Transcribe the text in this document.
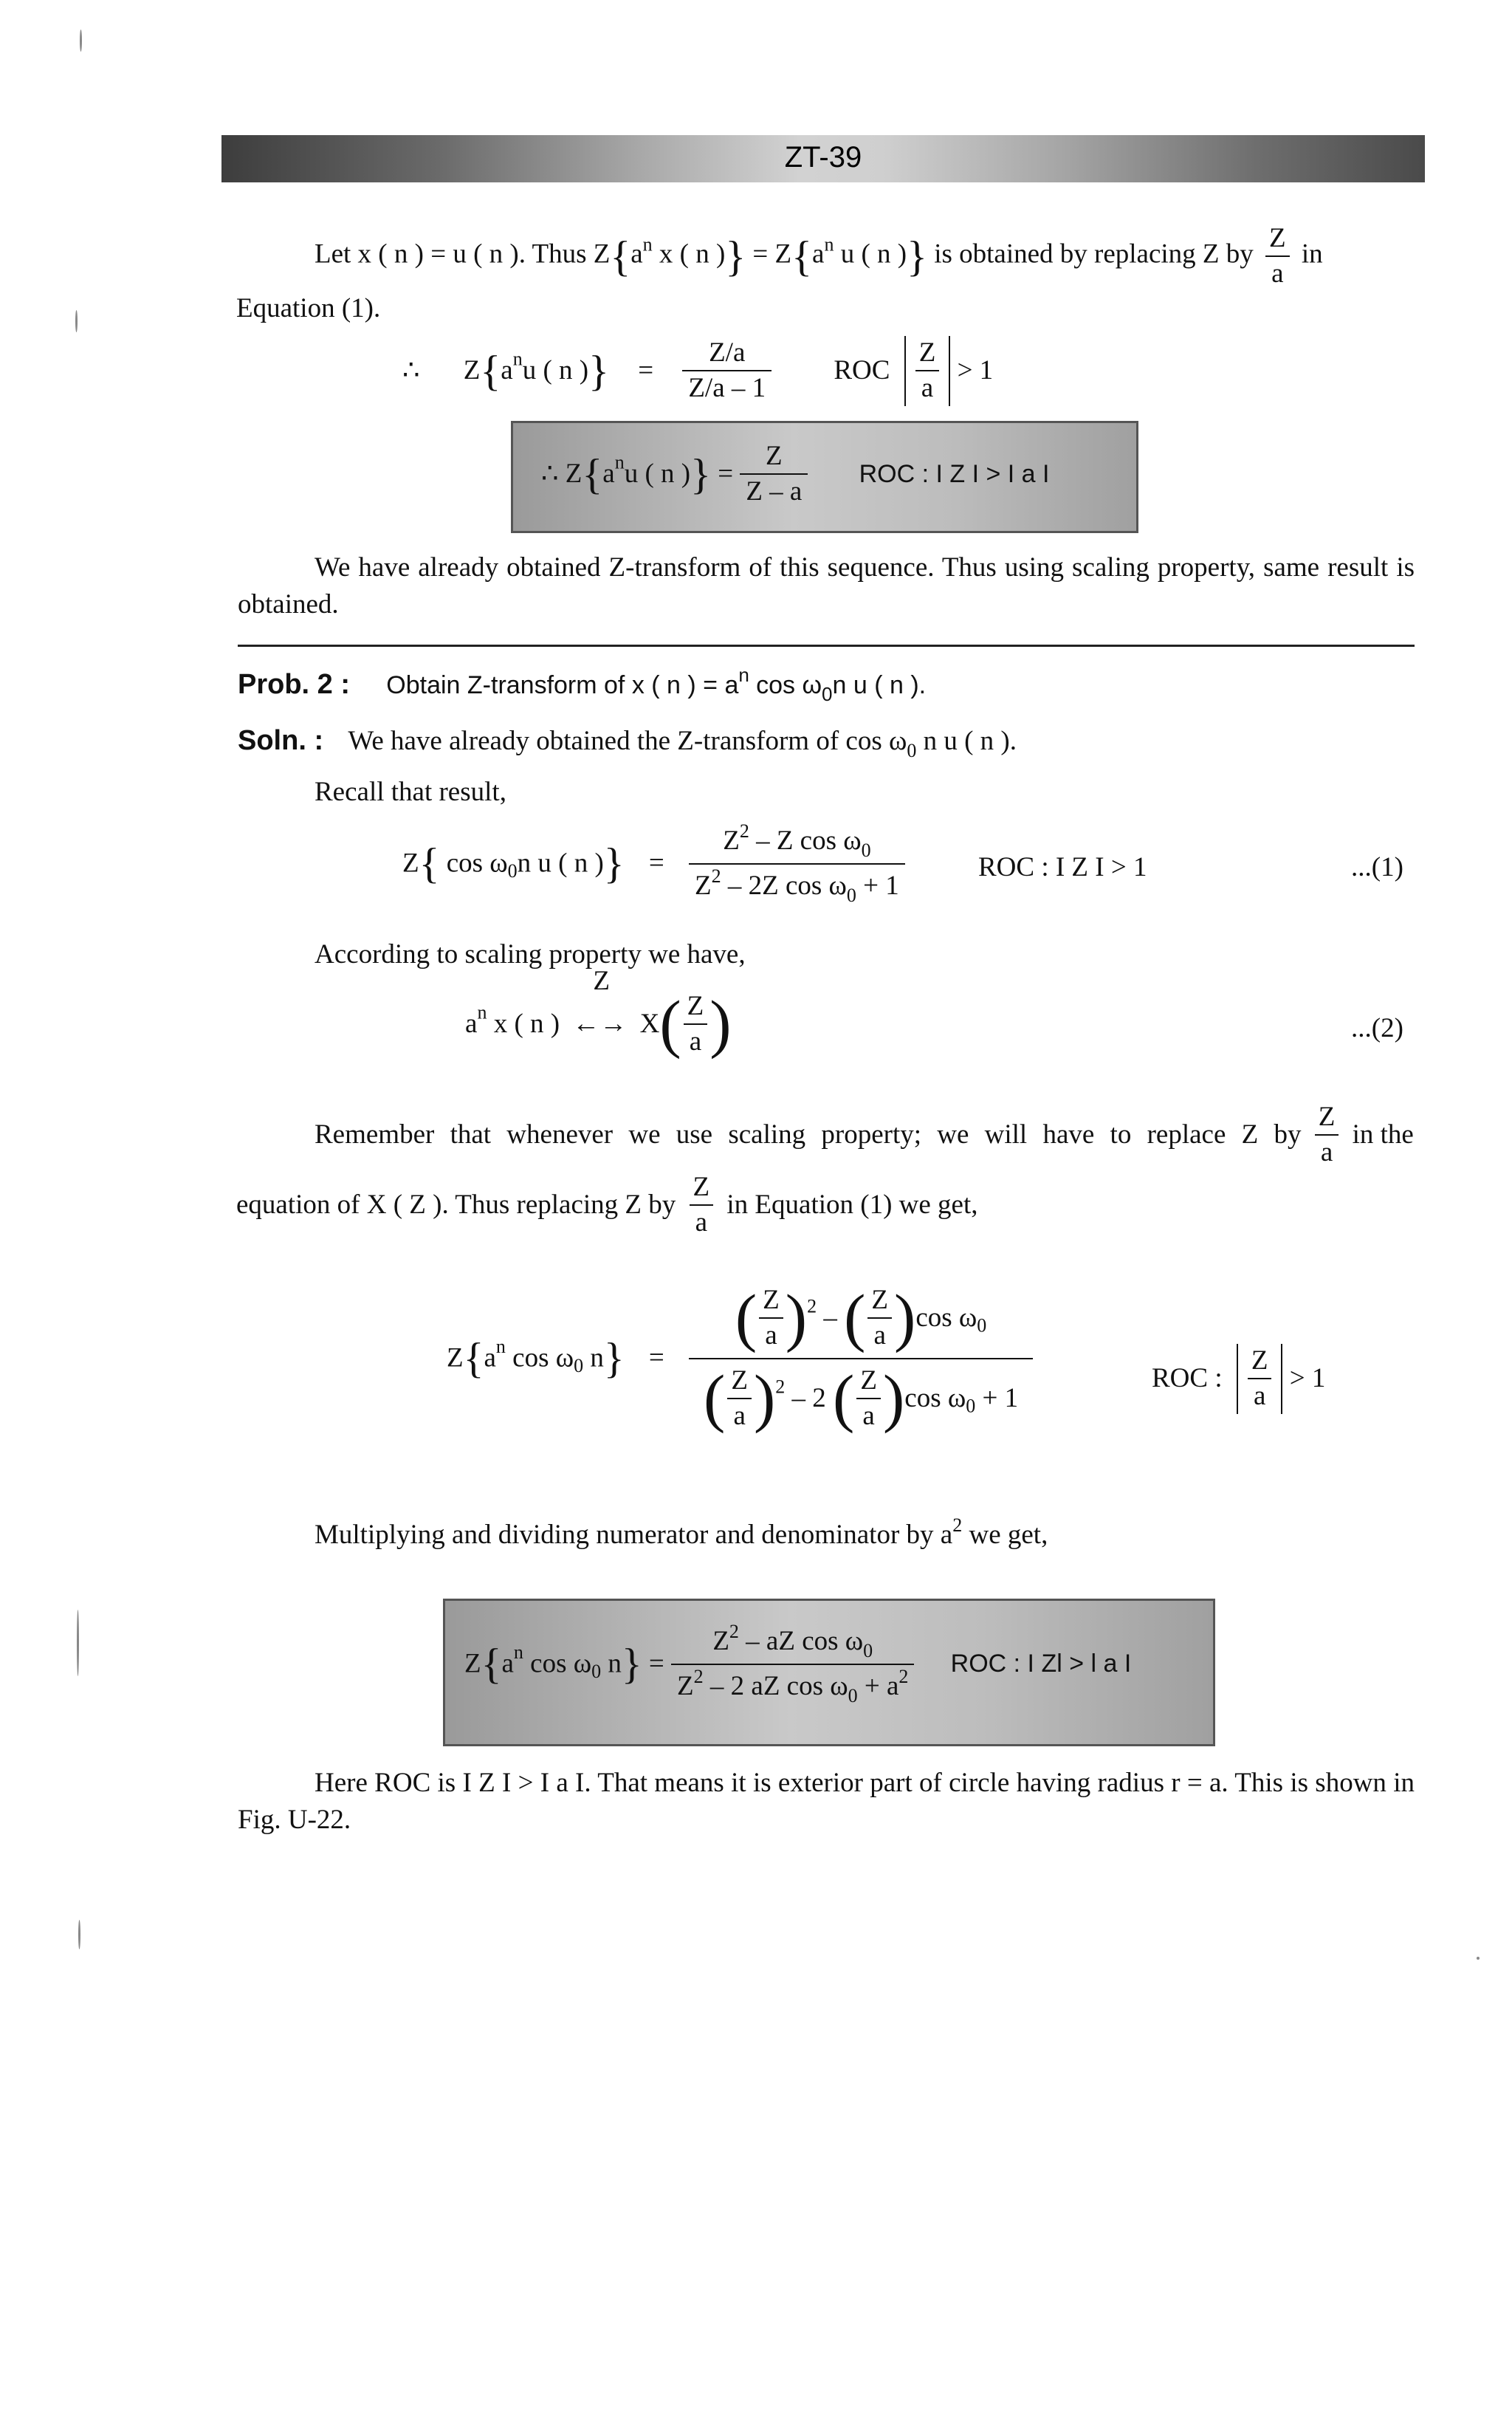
ZT-39
Let x ( n ) = u ( n ). Thus $Z\{a^n$ x ( n )} = $Z\{a^n$ u ( n )} is obtained by replacing Z by $\frac{Z}{a}$ in
Equation (1).
∴ $Z\{a^nu$ ( n )} = $\frac{Z/a}{Z/a - 1}$ ROC $\frac{Z}{a} > 1$
∴ $Z\{a^nu$ ( n )} = $\frac{Z}{Z - a}$ ROC : I Z I > I a I
We have already obtained Z-transform of this sequence. Thus using scaling property, same result is obtained.
Prob. 2 : Obtain Z-transform of x ( n ) = $a^n$ $\cos \omega_0n$ u ( n ).
Soln. : We have already obtained the Z-transform of $\cos \omega_0$ n u ( n ).
Recall that result,
Z{ $\cos \omega_0n$ u ( n )} = $\frac{Z^2 - Z \cos \omega_0}{Z^2 - 2Z \cos \omega_0 + 1}$	ROC : I Z I > 1	...(1)
According to scaling property we have,
$a^n$ x ( n )
Z
←→ $X( \frac{Z}{a}$ )	...(2)
Remember that whenever we use scaling property; we will have to replace Z by $\frac{Z}{a}$ in the
equation of X ( Z ). Thus replacing Z by $\frac{Z}{a}$ in Equation (1) we get,
$Z\{a^n$ $\cos \omega_0$ $n\} = \frac{( \frac{Z}{a} )^2 - ( \frac{Z}{a} )\cos \omega_0}{( \frac{Z}{a} )^2 - 2 ( \frac{Z}{a} )\cos \omega_0 + 1}$	ROC : $\frac{Z}{a} > 1$
Multiplying and dividing numerator and denominator by $a^2$ we get,
$Z\{a^n$ $\cos \omega_0$ $n\} = \frac{Z^2 - aZ \cos \omega_0}{Z^2 - 2 aZ \cos \omega_0 + a^2}$ ROC : I Zl > l a I
Here ROC is I Z I > I a I. That means it is exterior part of circle having radius r = a. This is shown in Fig. U-22.
